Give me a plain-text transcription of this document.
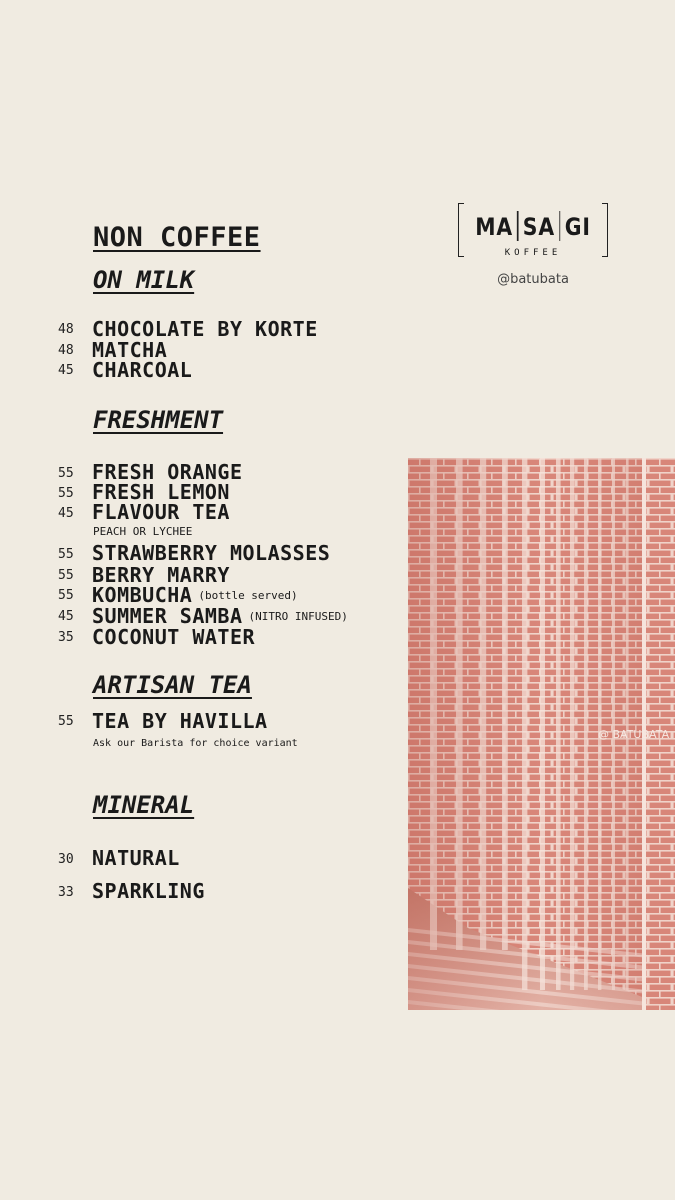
NON COFFEE	MA SA GI
KOFFEE
@batubata
ON MILK
48 CHOCOLATE BY KORTE
48 MATCHA
45 CHARCOAL
FRESHMENT
55 FRESH ORANGE
55 FRESH LEMON
45 FLAVOUR TEA
PEACH OR LYCHEE
55 STRAWBERRY MOLASSES
55 BERRY MARRY
55 KOMBUCHA (bottle served)
45 SUMMER SAMBA (NITRO INFUSED)
35 COCONUT WATER
ARTISAN TEA
55 TEA BY HAVILLA
Ask our Barista for choice variant
MINERAL
30 NATURAL
33 SPARKLING
@ BATUBATA
